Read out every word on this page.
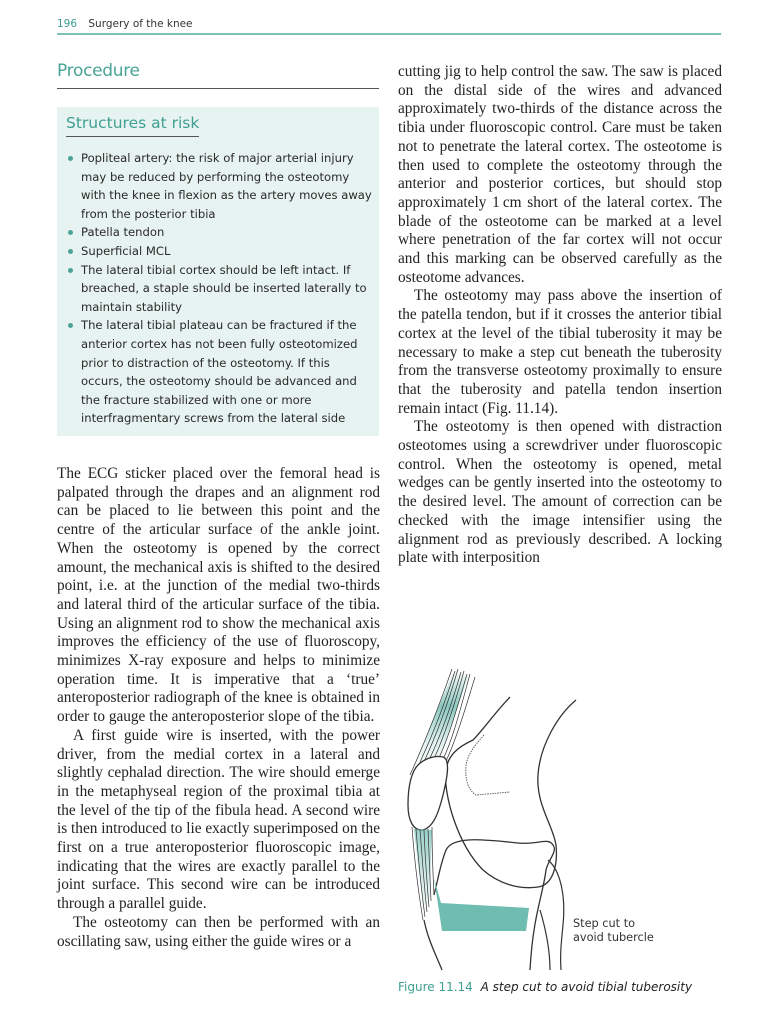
196 Surgery of the knee
Procedure
Structures at risk
Popliteal artery: the risk of major arterial injury may be reduced by performing the osteotomy with the knee in flexion as the artery moves away from the posterior tibia
Patella tendon
Superficial MCL
The lateral tibial cortex should be left intact. If breached, a staple should be inserted laterally to maintain stability
The lateral tibial plateau can be fractured if the anterior cortex has not been fully osteotomized prior to distraction of the osteotomy. If this occurs, the osteotomy should be advanced and the fracture stabilized with one or more interfragmentary screws from the lateral side

The ECG sticker placed over the femoral head is palpated through the drapes and an alignment rod can be placed to lie between this point and the centre of the articular surface of the ankle joint. When the osteotomy is opened by the correct amount, the mechanical axis is shifted to the desired point, i.e. at the junction of the medial two-thirds and lateral third of the articular surface of the tibia. Using an alignment rod to show the mechanical axis improves the efficiency of the use of fluoroscopy, minimizes X-ray exposure and helps to minimize operation time. It is imperative that a ‘true’ anteroposterior radiograph of the knee is obtained in order to gauge the anteroposterior slope of the tibia.

A first guide wire is inserted, with the power driver, from the medial cortex in a lateral and slightly cephalad direction. The wire should emerge in the metaphyseal region of the proximal tibia at the level of the tip of the fibula head. A second wire is then introduced to lie exactly superimposed on the first on a true anteroposterior fluoroscopic image, indicating that the wires are exactly parallel to the joint surface. This second wire can be introduced through a parallel guide.

The osteotomy can then be performed with an oscillating saw, using either the guide wires or a

cutting jig to help control the saw. The saw is placed on the distal side of the wires and advanced approximately two-thirds of the distance across the tibia under fluoroscopic control. Care must be taken not to penetrate the lateral cortex. The osteotome is then used to complete the osteotomy through the anterior and posterior cortices, but should stop approximately 1 cm short of the lateral cortex. The blade of the osteotome can be marked at a level where penetration of the far cortex will not occur and this marking can be observed carefully as the osteotome advances.

The osteotomy may pass above the insertion of the patella tendon, but if it crosses the anterior tibial cortex at the level of the tibial tuberosity it may be necessary to make a step cut beneath the tuberosity from the transverse osteotomy proximally to ensure that the tuberosity and patella tendon insertion remain intact (Fig. 11.14).

The osteotomy is then opened with distraction osteotomes using a screwdriver under fluoroscopic control. When the osteotomy is opened, metal wedges can be gently inserted into the osteotomy to the desired level. The amount of correction can be checked with the image intensifier using the alignment rod as previously described. A locking plate with interposition

Step cut to
avoid tubercle
Figure 11.14 A step cut to avoid tibial tuberosity
